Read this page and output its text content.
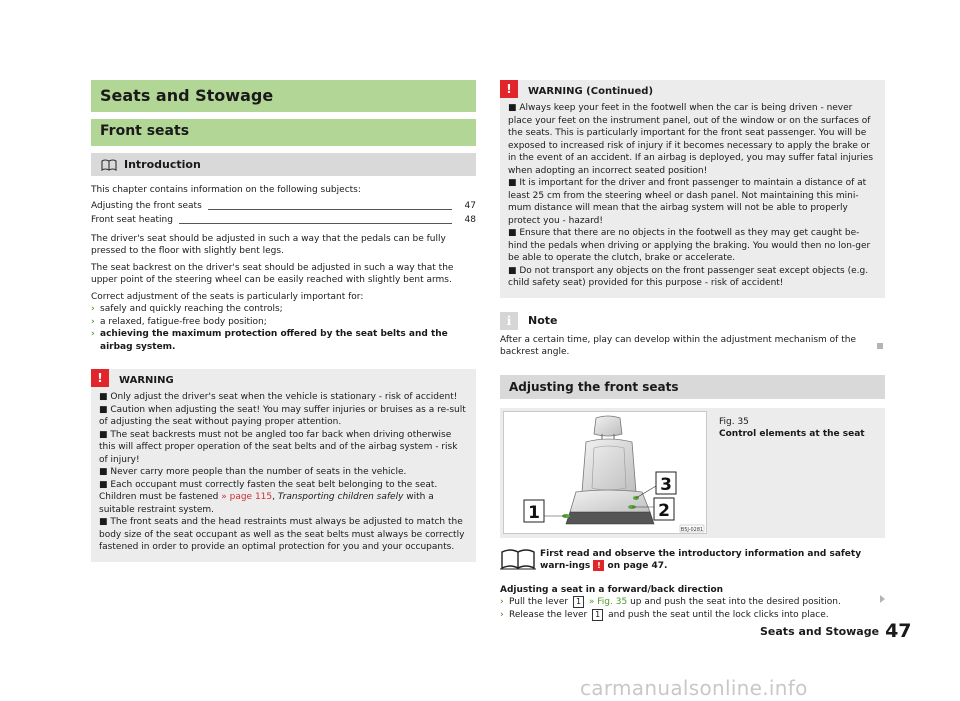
Seats and Stowage
Front seats
Introduction
This chapter contains information on the following subjects:
Adjusting the front seats	47
Front seat heating	48
The driver's seat should be adjusted in such a way that the pedals can be fully pressed to the floor with slightly bent legs.
The seat backrest on the driver's seat should be adjusted in such a way that the upper point of the steering wheel can be easily reached with slightly bent arms.
Correct adjustment of the seats is particularly important for:
› safely and quickly reaching the controls;
› a relaxed, fatigue-free body position;
› achieving the maximum protection offered by the seat belts and the airbag system.
!	WARNING
■ Only adjust the driver's seat when the vehicle is stationary - risk of accident!
■ Caution when adjusting the seat! You may suffer injuries or bruises as a re-sult of adjusting the seat without paying proper attention.
■ The seat backrests must not be angled too far back when driving otherwise this will affect proper operation of the seat belts and of the airbag system - risk of injury!
■ Never carry more people than the number of seats in the vehicle.
■ Each occupant must correctly fasten the seat belt belonging to the seat. Children must be fastened » page 115, Transporting children safely with a suitable restraint system.
■ The front seats and the head restraints must always be adjusted to match the body size of the seat occupant as well as the seat belts must always be correctly fastened in order to provide an optimal protection for you and your occupants.
!	WARNING (Continued)
■ Always keep your feet in the footwell when the car is being driven - never place your feet on the instrument panel, out of the window or on the surfaces of the seats. This is particularly important for the front seat passenger. You will be exposed to increased risk of injury if it becomes necessary to apply the brake or in the event of an accident. If an airbag is deployed, you may suffer fatal injuries when adopting an incorrect seated position!
■ It is important for the driver and front passenger to maintain a distance of at least 25 cm from the steering wheel or dash panel. Not maintaining this mini-mum distance will mean that the airbag system will not be able to properly protect you - hazard!
■ Ensure that there are no objects in the footwell as they may get caught be-hind the pedals when driving or applying the braking. You would then no lon-ger be able to operate the clutch, brake or accelerate.
■ Do not transport any objects on the front passenger seat except objects (e.g. child safety seat) provided for this purpose - risk of accident!
i	Note
After a certain time, play can develop within the adjustment mechanism of the backrest angle.
Adjusting the front seats
1	2
3
B5J-0281
Fig. 35
Control elements at the seat
First read and observe the introductory information and safety warn-ings ! on page 47.
Adjusting a seat in a forward/back direction
› Pull the lever 1 » Fig. 35 up and push the seat into the desired position.
› Release the lever 1 and push the seat until the lock clicks into place.
Seats and Stowage 47
carmanualsonline.info
